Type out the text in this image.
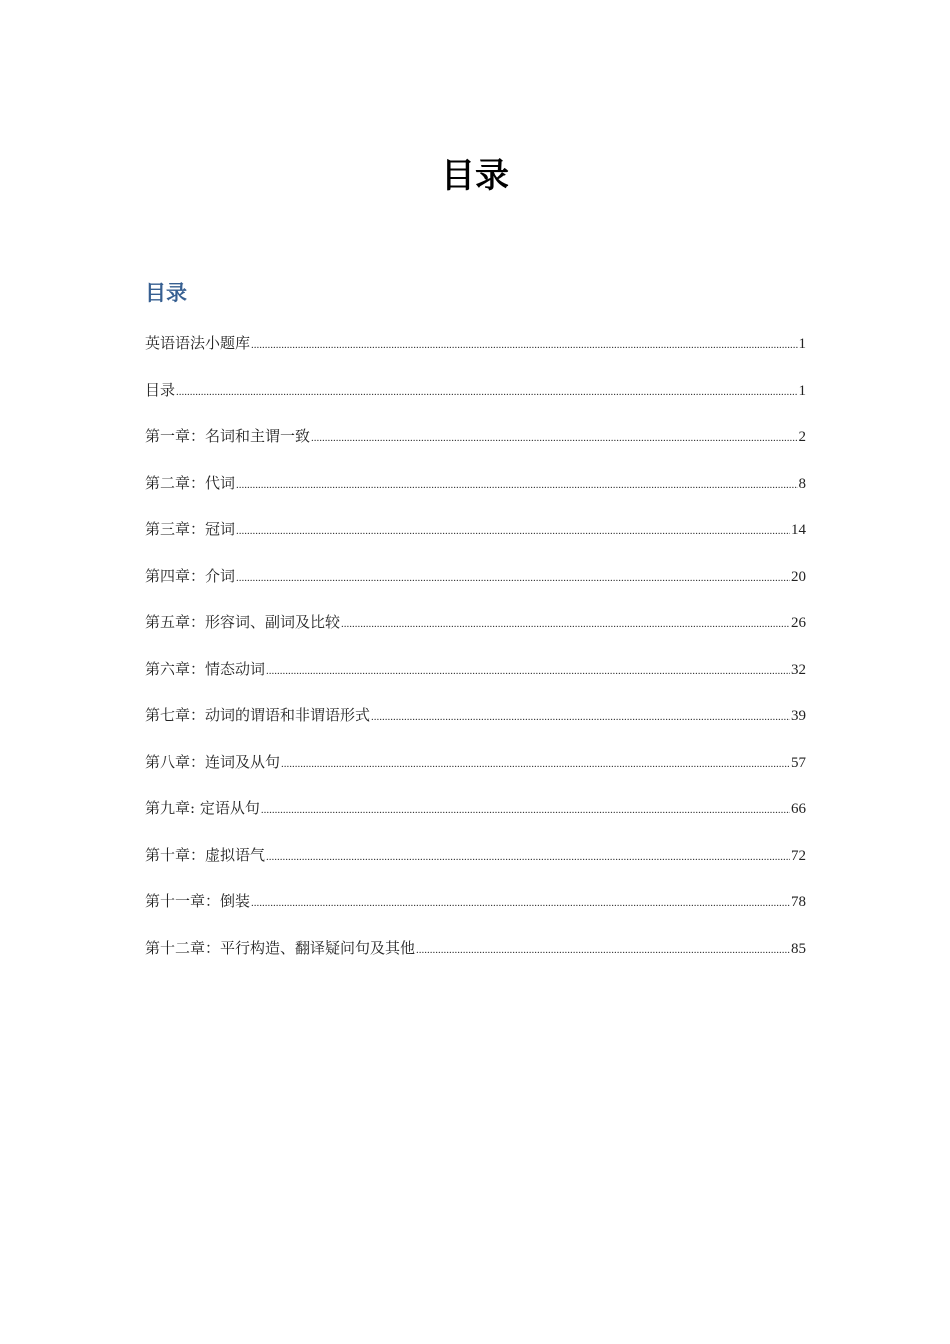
目录
目录
英语语法小题库 .....	1
目录 .....	1
第一章：名词和主谓一致 .....	2
第二章：代词 .....	8
第三章：冠词 .....	14
第四章：介词 .....	20
第五章：形容词、副词及比较 .....	26
第六章：情态动词 .....	32
第七章：动词的谓语和非谓语形式 .....	39
第八章：连词及从句 .....	57
第九章: 定语从句 .....	66
第十章：虚拟语气 .....	72
第十一章：倒装 .....	78
第十二章：平行构造、翻译疑问句及其他 .....	85
